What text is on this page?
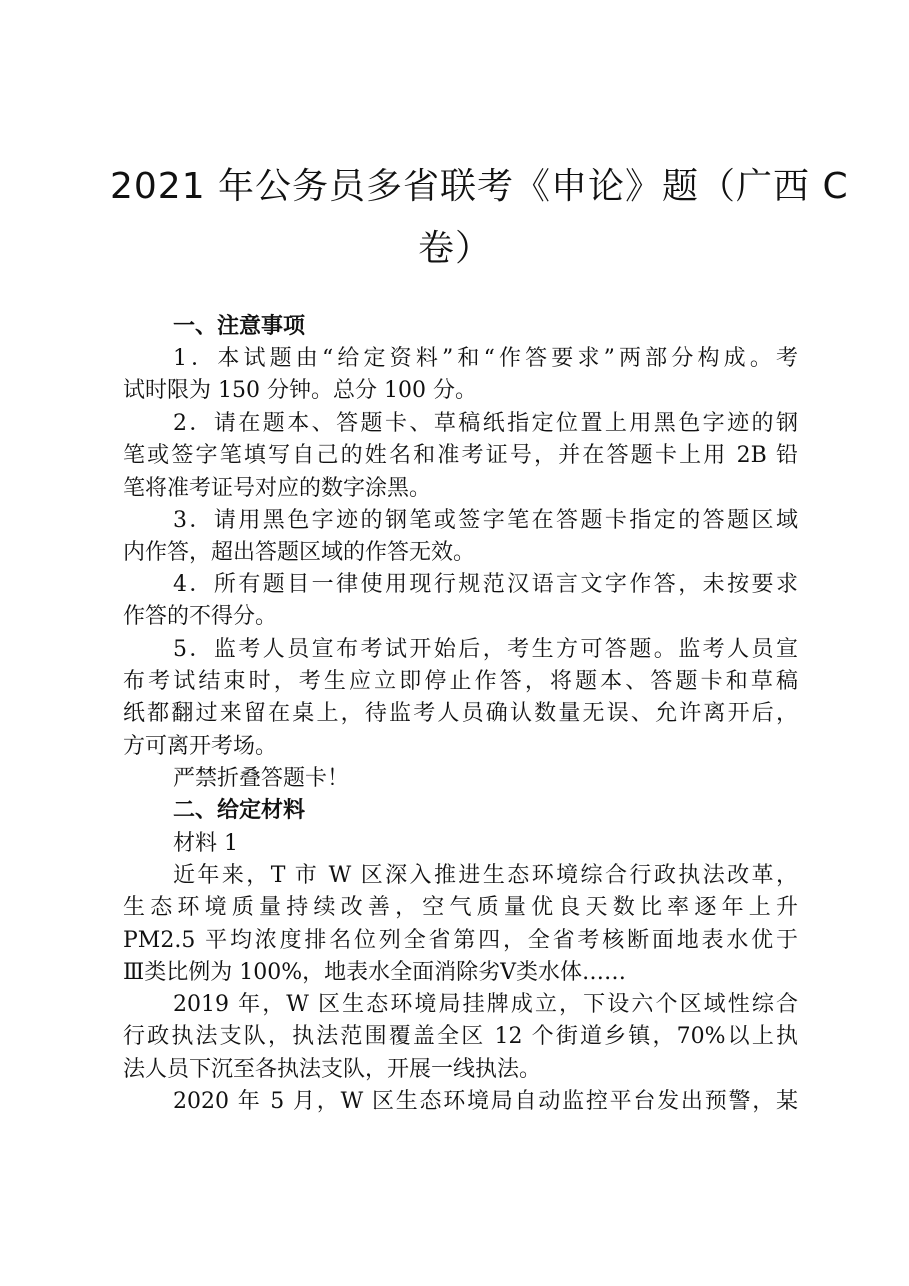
2021 年公务员多省联考《申论》题（广西 C
卷）
一、注意事项
1．本试题由“给定资料”和“作答要求”两部分构成。考
试时限为 150 分钟。总分 100 分。
2．请在题本、答题卡、草稿纸指定位置上用黑色字迹的钢
笔或签字笔填写自己的姓名和准考证号，并在答题卡上用 2B 铅
笔将准考证号对应的数字涂黑。
3．请用黑色字迹的钢笔或签字笔在答题卡指定的答题区域
内作答，超出答题区域的作答无效。
4．所有题目一律使用现行规范汉语言文字作答，未按要求
作答的不得分。
5．监考人员宣布考试开始后，考生方可答题。监考人员宣
布考试结束时，考生应立即停止作答，将题本、答题卡和草稿
纸都翻过来留在桌上，待监考人员确认数量无误、允许离开后，
方可离开考场。
严禁折叠答题卡！
二、给定材料
材料 1
近年来，T 市 W 区深入推进生态环境综合行政执法改革，
生态环境质量持续改善，空气质量优良天数比率逐年上升
PM2.5 平均浓度排名位列全省第四，全省考核断面地表水优于
Ⅲ类比例为 100%，地表水全面消除劣Ⅴ类水体……
2019 年，W 区生态环境局挂牌成立，下设六个区域性综合
行政执法支队，执法范围覆盖全区 12 个街道乡镇，70%以上执
法人员下沉至各执法支队，开展一线执法。
2020 年 5 月，W 区生态环境局自动监控平台发出预警，某
